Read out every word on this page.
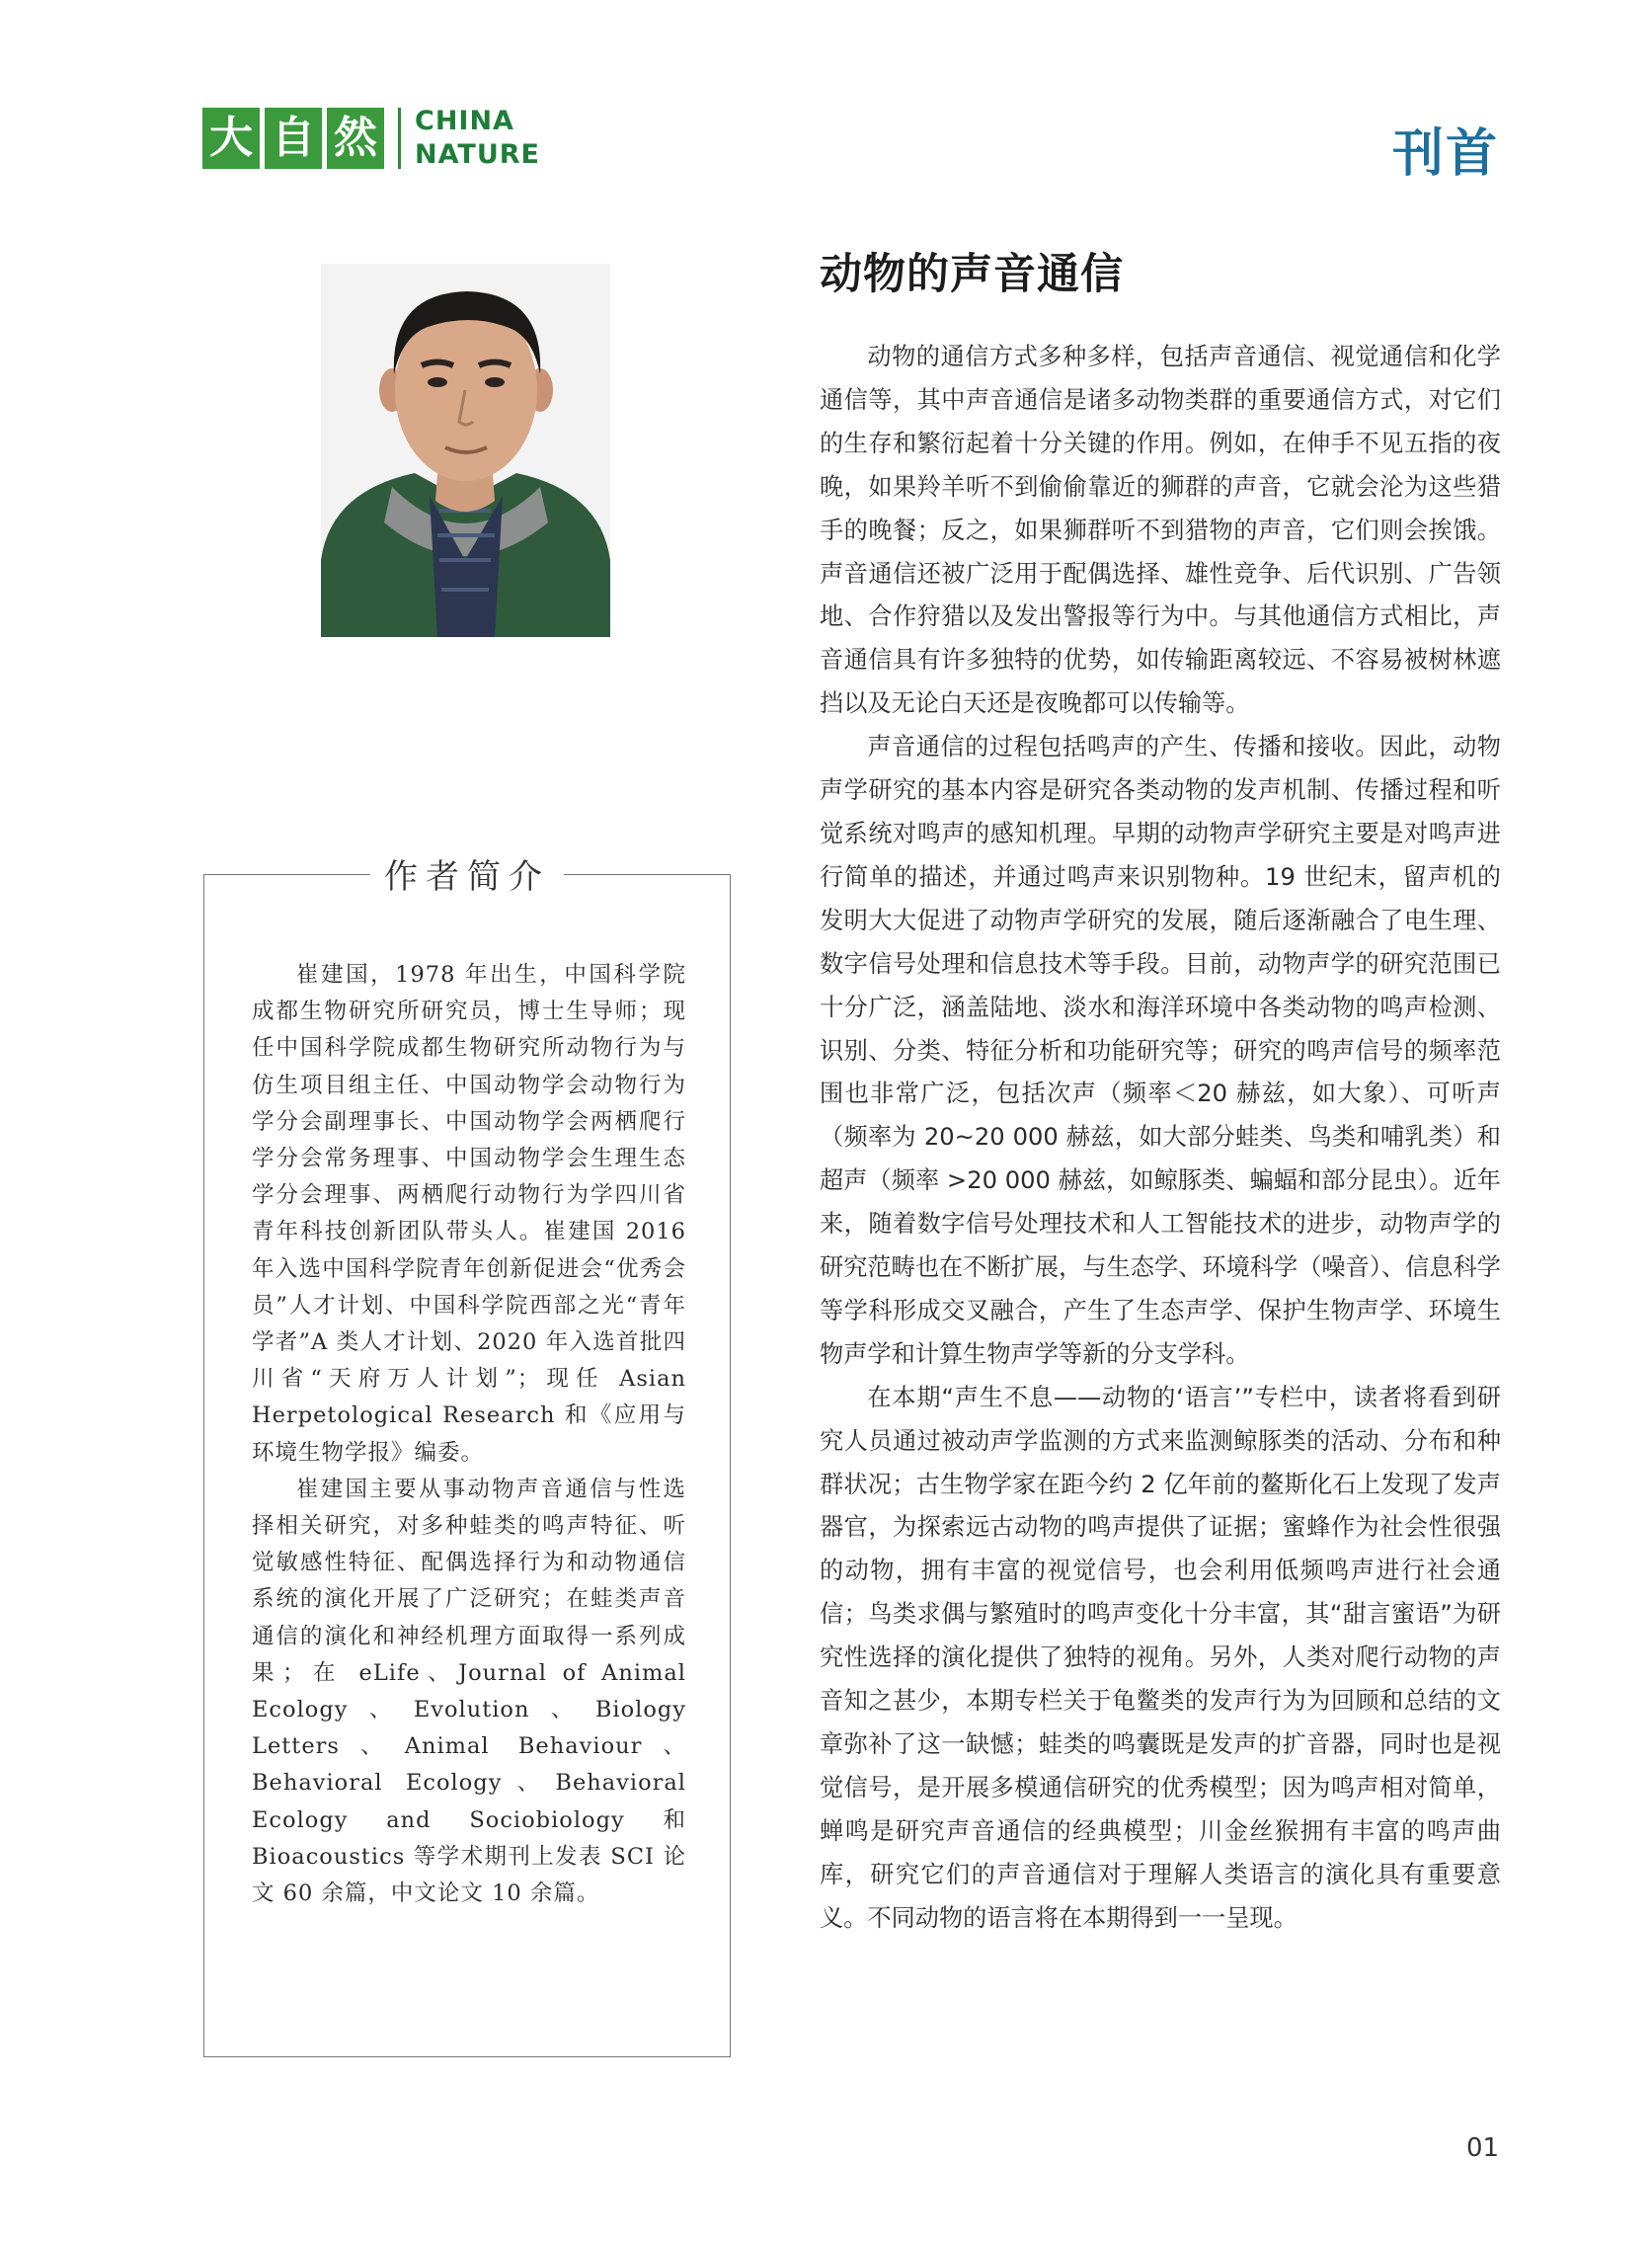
大 自 然 CHINA
NATURE	刊首
作者简介

崔建国，1978 年出生，中国科学院成都生物研究所研究员，博士生导师；现任中国科学院成都生物研究所动物行为与仿生项目组主任、中国动物学会动物行为学分会副理事长、中国动物学会两栖爬行学分会常务理事、中国动物学会生理生态学分会理事、两栖爬行动物行为学四川省青年科技创新团队带头人。崔建国 2016 年入选中国科学院青年创新促进会“优秀会员”人才计划、中国科学院西部之光“青年学者”A 类人才计划、2020 年入选首批四川省“天府万人计划”；现任 Asian Herpetological Research 和《应用与环境生物学报》编委。

崔建国主要从事动物声音通信与性选择相关研究，对多种蛙类的鸣声特征、听觉敏感性特征、配偶选择行为和动物通信系统的演化开展了广泛研究；在蛙类声音通信的演化和神经机理方面取得一系列成果；在 eLife、Journal of Animal Ecology、Evolution、Biology Letters、Animal Behaviour、Behavioral Ecology、Behavioral Ecology and Sociobiology 和 Bioacoustics 等学术期刊上发表 SCI 论文 60 余篇，中文论文 10 余篇。

动物的声音通信

动物的通信方式多种多样，包括声音通信、视觉通信和化学通信等，其中声音通信是诸多动物类群的重要通信方式，对它们的生存和繁衍起着十分关键的作用。例如，在伸手不见五指的夜晚，如果羚羊听不到偷偷靠近的狮群的声音，它就会沦为这些猎手的晚餐；反之，如果狮群听不到猎物的声音，它们则会挨饿。声音通信还被广泛用于配偶选择、雄性竞争、后代识别、广告领地、合作狩猎以及发出警报等行为中。与其他通信方式相比，声音通信具有许多独特的优势，如传输距离较远、不容易被树林遮挡以及无论白天还是夜晚都可以传输等。

声音通信的过程包括鸣声的产生、传播和接收。因此，动物声学研究的基本内容是研究各类动物的发声机制、传播过程和听觉系统对鸣声的感知机理。早期的动物声学研究主要是对鸣声进行简单的描述，并通过鸣声来识别物种。19 世纪末，留声机的发明大大促进了动物声学研究的发展，随后逐渐融合了电生理、数字信号处理和信息技术等手段。目前，动物声学的研究范围已十分广泛，涵盖陆地、淡水和海洋环境中各类动物的鸣声检测、识别、分类、特征分析和功能研究等；研究的鸣声信号的频率范围也非常广泛，包括次声（频率＜20 赫兹，如大象）、可听声（频率为 20~20 000 赫兹，如大部分蛙类、鸟类和哺乳类）和超声（频率 >20 000 赫兹，如鲸豚类、蝙蝠和部分昆虫）。近年来，随着数字信号处理技术和人工智能技术的进步，动物声学的研究范畴也在不断扩展，与生态学、环境科学（噪音）、信息科学等学科形成交叉融合，产生了生态声学、保护生物声学、环境生物声学和计算生物声学等新的分支学科。

在本期“声生不息——动物的‘语言’”专栏中，读者将看到研究人员通过被动声学监测的方式来监测鲸豚类的活动、分布和种群状况；古生物学家在距今约 2 亿年前的鳌斯化石上发现了发声器官，为探索远古动物的鸣声提供了证据；蜜蜂作为社会性很强的动物，拥有丰富的视觉信号，也会利用低频鸣声进行社会通信；鸟类求偶与繁殖时的鸣声变化十分丰富，其“甜言蜜语”为研究性选择的演化提供了独特的视角。另外，人类对爬行动物的声音知之甚少，本期专栏关于龟鳖类的发声行为为回顾和总结的文章弥补了这一缺憾；蛙类的鸣囊既是发声的扩音器，同时也是视觉信号，是开展多模通信研究的优秀模型；因为鸣声相对简单，蝉鸣是研究声音通信的经典模型；川金丝猴拥有丰富的鸣声曲库，研究它们的声音通信对于理解人类语言的演化具有重要意义。不同动物的语言将在本期得到一一呈现。

01
